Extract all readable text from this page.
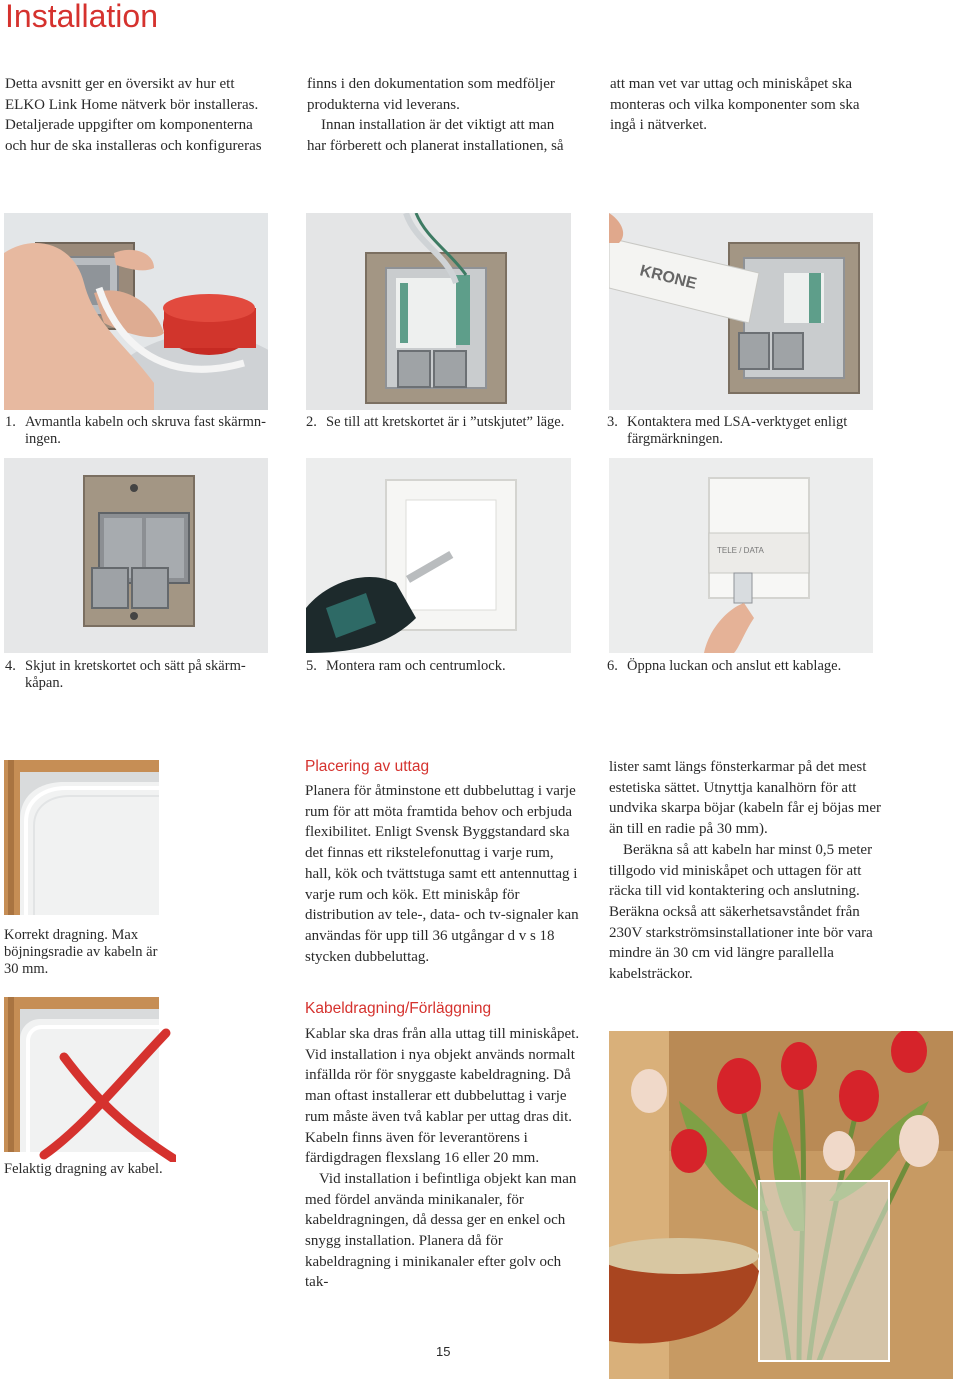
Installation

Detta avsnitt ger en översikt av hur ett ELKO Link Home nätverk bör installeras. Detaljerade uppgifter om komponenterna och hur de ska installeras och konfigureras

finns i den dokumentation som medföljer produkterna vid leverans.

Innan installation är det viktigt att man har förberett och planerat installationen, så

att man vet var uttag och miniskåpet ska monteras och vilka komponenter som ska ingå i nätverket.

KRONE
1. Avmantla kabeln och skruva fast skärmn-
ingen.
2. Se till att kretskortet är i ”utskjutet” läge.	3. Kontaktera med LSA-verktyget enligt
färgmärkningen.
TELE / DATA
4. Skjut in kretskortet och sätt på skärm-
kåpan.
5. Montera ram och centrumlock.	6. Öppna luckan och anslut ett kablage.
Korrekt dragning. Max böjningsradie av kabeln är 30 mm.
Felaktig dragning av kabel.
Placering av uttag

Planera för åtminstone ett dubbeluttag i varje rum för att möta framtida behov och erbjuda flexibilitet. Enligt Svensk Byggstandard ska det finnas ett rikstelefonuttag i varje rum, hall, kök och tvättstuga samt ett antennuttag i varje rum och kök. Ett miniskåp för distribution av tele-, data- och tv-signaler kan användas för upp till 36 utgångar d v s 18 stycken dubbeluttag.

Kabeldragning/Förläggning

Kablar ska dras från alla uttag till miniskåpet. Vid installation i nya objekt används normalt infällda rör för snyggaste kabeldragning. Då man oftast installerar ett dubbeluttag i varje rum måste även två kablar per uttag dras dit. Kabeln finns även för leverantörens i färdigdragen flexslang 16 eller 20 mm.

Vid installation i befintliga objekt kan man med fördel använda minikanaler, för kabeldragningen, då dessa ger en enkel och snygg installation. Planera då för kabeldragning i minikanaler efter golv och tak-

lister samt längs fönsterkarmar på det mest estetiska sättet. Utnyttja kanalhörn för att undvika skarpa böjar (kabeln får ej böjas mer än till en radie på 30 mm).

Beräkna så att kabeln har minst 0,5 meter tillgodo vid miniskåpet och uttagen för att räcka till vid kontaktering och anslutning.

Beräkna också att säkerhetsavståndet från 230V starkströmsinstallationer inte bör vara mindre än 30 cm vid längre parallella kabelsträckor.

15
